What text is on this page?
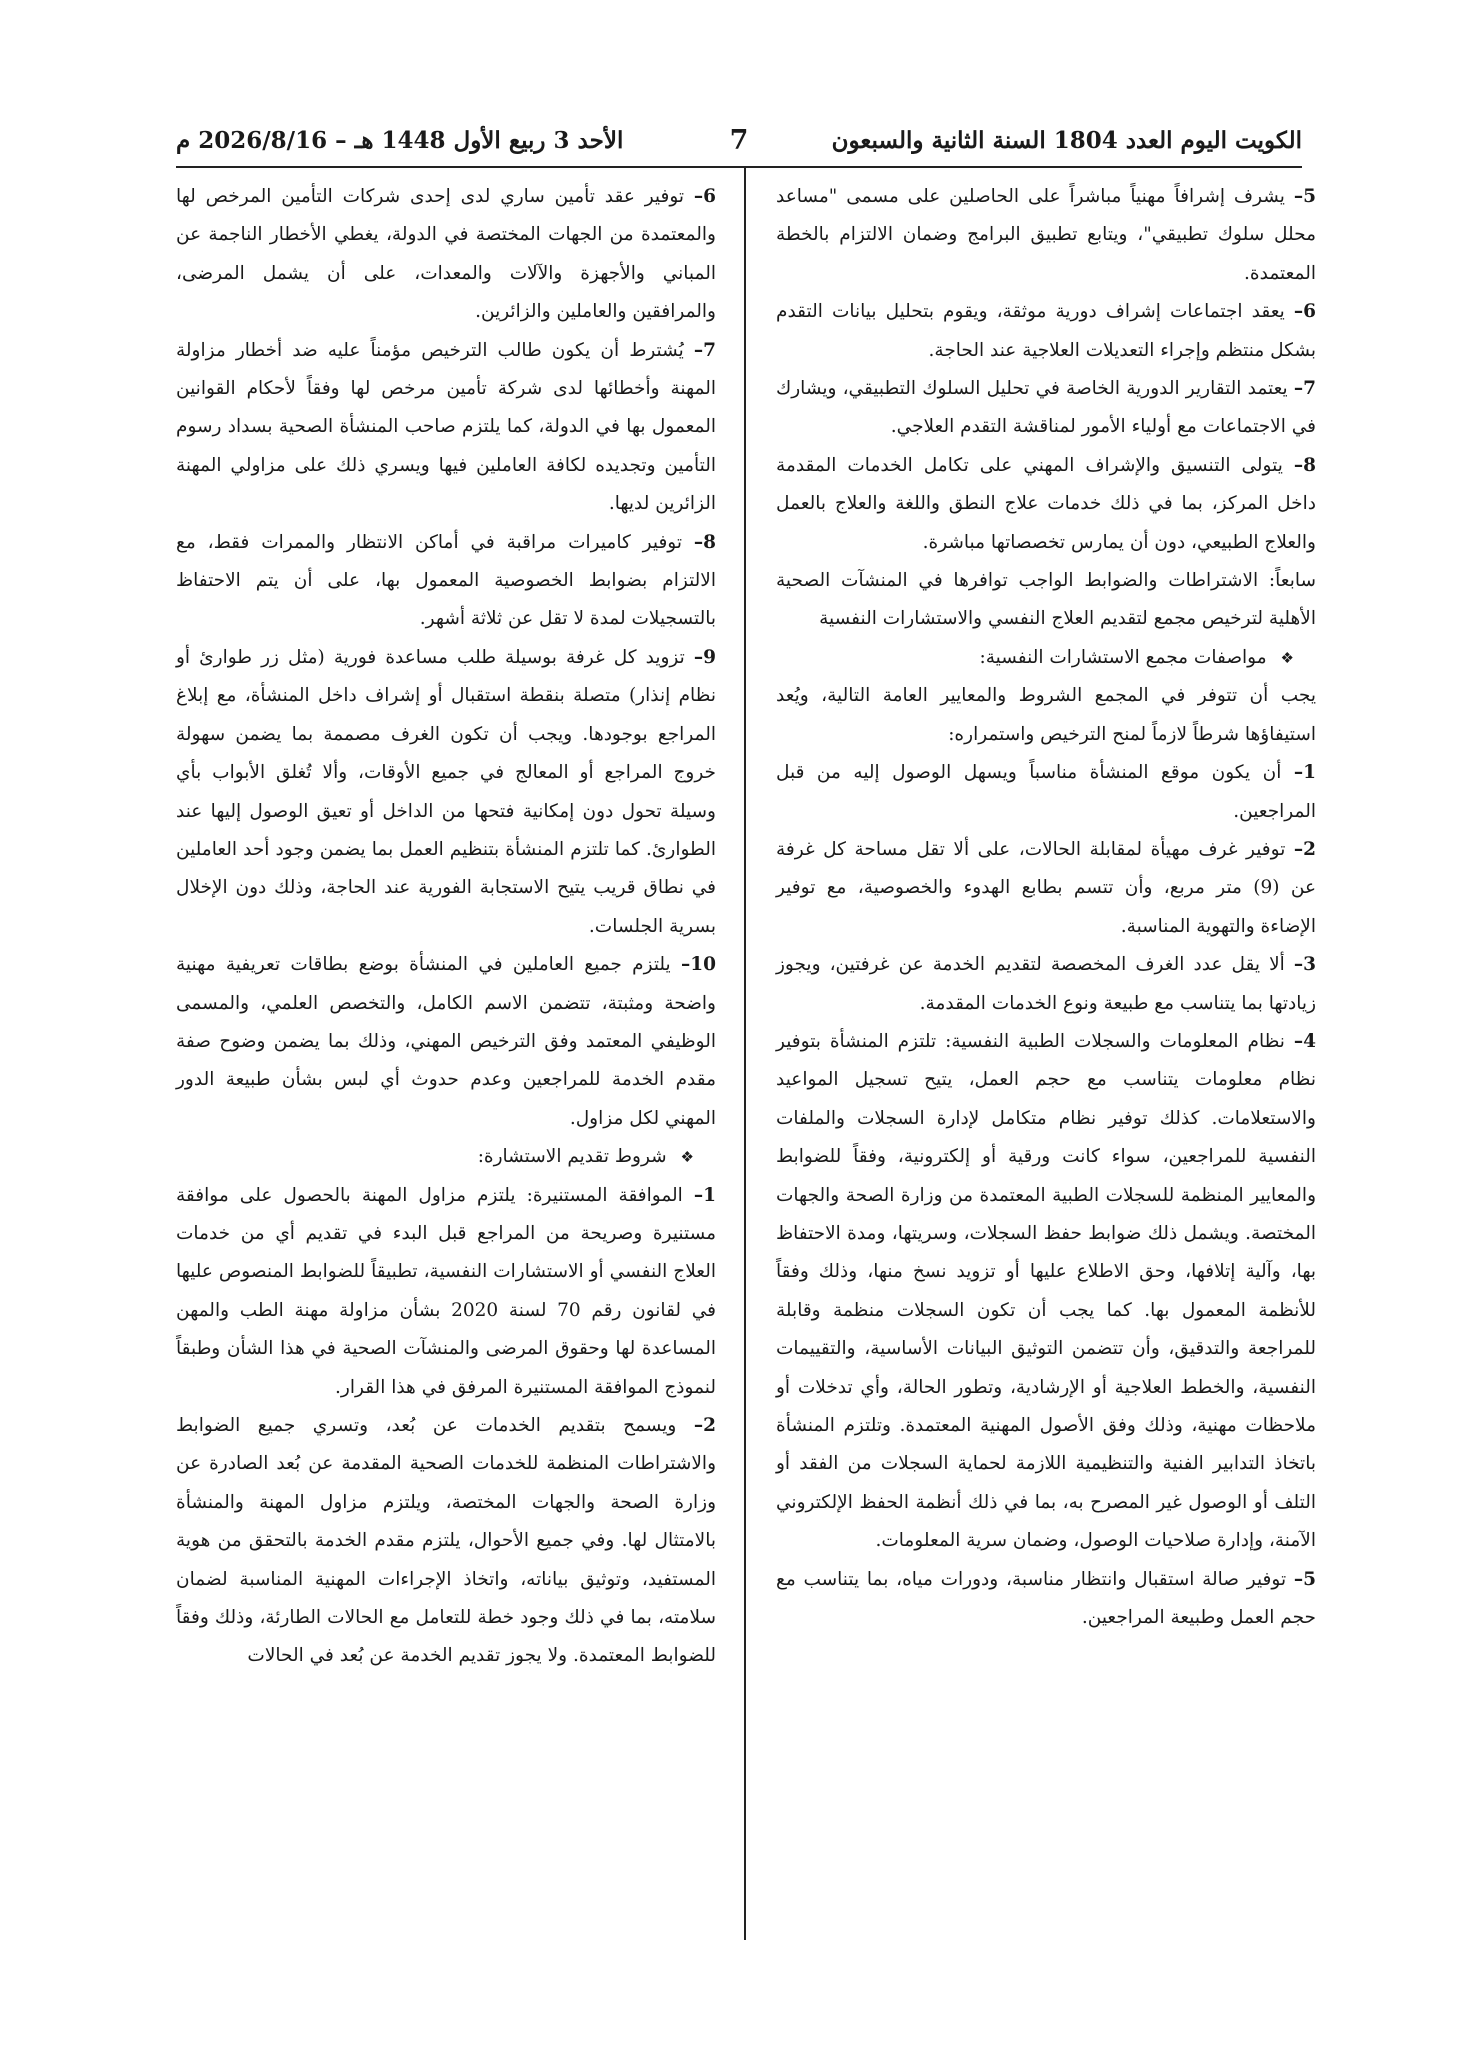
الكويت اليوم العدد 1804 السنة الثانية والسبعون
7
الأحد 3 ربيع الأول 1448 هـ – 2026/8/16 م

5– يشرف إشرافاً مهنياً مباشراً على الحاصلين على مسمى "مساعد محلل سلوك تطبيقي"، ويتابع تطبيق البرامج وضمان الالتزام بالخطة المعتمدة.

6– يعقد اجتماعات إشراف دورية موثقة، ويقوم بتحليل بيانات التقدم بشكل منتظم وإجراء التعديلات العلاجية عند الحاجة.

7– يعتمد التقارير الدورية الخاصة في تحليل السلوك التطبيقي، ويشارك في الاجتماعات مع أولياء الأمور لمناقشة التقدم العلاجي.

8– يتولى التنسيق والإشراف المهني على تكامل الخدمات المقدمة داخل المركز، بما في ذلك خدمات علاج النطق واللغة والعلاج بالعمل والعلاج الطبيعي، دون أن يمارس تخصصاتها مباشرة.

سابعاً: الاشتراطات والضوابط الواجب توافرها في المنشآت الصحية الأهلية لترخيص مجمع لتقديم العلاج النفسي والاستشارات النفسية

❖ مواصفات مجمع الاستشارات النفسية:

يجب أن تتوفر في المجمع الشروط والمعايير العامة التالية، ويُعد استيفاؤها شرطاً لازماً لمنح الترخيص واستمراره:

1– أن يكون موقع المنشأة مناسباً ويسهل الوصول إليه من قبل المراجعين.

2– توفير غرف مهيأة لمقابلة الحالات، على ألا تقل مساحة كل غرفة عن (9) متر مربع، وأن تتسم بطابع الهدوء والخصوصية، مع توفير الإضاءة والتهوية المناسبة.

3– ألا يقل عدد الغرف المخصصة لتقديم الخدمة عن غرفتين، ويجوز زيادتها بما يتناسب مع طبيعة ونوع الخدمات المقدمة.

4– نظام المعلومات والسجلات الطبية النفسية: تلتزم المنشأة بتوفير نظام معلومات يتناسب مع حجم العمل، يتيح تسجيل المواعيد والاستعلامات. كذلك توفير نظام متكامل لإدارة السجلات والملفات النفسية للمراجعين، سواء كانت ورقية أو إلكترونية، وفقاً للضوابط والمعايير المنظمة للسجلات الطبية المعتمدة من وزارة الصحة والجهات المختصة. ويشمل ذلك ضوابط حفظ السجلات، وسريتها، ومدة الاحتفاظ بها، وآلية إتلافها، وحق الاطلاع عليها أو تزويد نسخ منها، وذلك وفقاً للأنظمة المعمول بها. كما يجب أن تكون السجلات منظمة وقابلة للمراجعة والتدقيق، وأن تتضمن التوثيق البيانات الأساسية، والتقييمات النفسية، والخطط العلاجية أو الإرشادية، وتطور الحالة، وأي تدخلات أو ملاحظات مهنية، وذلك وفق الأصول المهنية المعتمدة. وتلتزم المنشأة باتخاذ التدابير الفنية والتنظيمية اللازمة لحماية السجلات من الفقد أو التلف أو الوصول غير المصرح به، بما في ذلك أنظمة الحفظ الإلكتروني الآمنة، وإدارة صلاحيات الوصول، وضمان سرية المعلومات.

5– توفير صالة استقبال وانتظار مناسبة، ودورات مياه، بما يتناسب مع حجم العمل وطبيعة المراجعين.

6– توفير عقد تأمين ساري لدى إحدى شركات التأمين المرخص لها والمعتمدة من الجهات المختصة في الدولة، يغطي الأخطار الناجمة عن المباني والأجهزة والآلات والمعدات، على أن يشمل المرضى، والمرافقين والعاملين والزائرين.

7– يُشترط أن يكون طالب الترخيص مؤمناً عليه ضد أخطار مزاولة المهنة وأخطائها لدى شركة تأمين مرخص لها وفقاً لأحكام القوانين المعمول بها في الدولة، كما يلتزم صاحب المنشأة الصحية بسداد رسوم التأمين وتجديده لكافة العاملين فيها ويسري ذلك على مزاولي المهنة الزائرين لديها.

8– توفير كاميرات مراقبة في أماكن الانتظار والممرات فقط، مع الالتزام بضوابط الخصوصية المعمول بها، على أن يتم الاحتفاظ بالتسجيلات لمدة لا تقل عن ثلاثة أشهر.

9– تزويد كل غرفة بوسيلة طلب مساعدة فورية (مثل زر طوارئ أو نظام إنذار) متصلة بنقطة استقبال أو إشراف داخل المنشأة، مع إبلاغ المراجع بوجودها. ويجب أن تكون الغرف مصممة بما يضمن سهولة خروج المراجع أو المعالج في جميع الأوقات، وألا تُغلق الأبواب بأي وسيلة تحول دون إمكانية فتحها من الداخل أو تعيق الوصول إليها عند الطوارئ. كما تلتزم المنشأة بتنظيم العمل بما يضمن وجود أحد العاملين في نطاق قريب يتيح الاستجابة الفورية عند الحاجة، وذلك دون الإخلال بسرية الجلسات.

10– يلتزم جميع العاملين في المنشأة بوضع بطاقات تعريفية مهنية واضحة ومثبتة، تتضمن الاسم الكامل، والتخصص العلمي، والمسمى الوظيفي المعتمد وفق الترخيص المهني، وذلك بما يضمن وضوح صفة مقدم الخدمة للمراجعين وعدم حدوث أي لبس بشأن طبيعة الدور المهني لكل مزاول.

❖ شروط تقديم الاستشارة:

1– الموافقة المستنيرة: يلتزم مزاول المهنة بالحصول على موافقة مستنيرة وصريحة من المراجع قبل البدء في تقديم أي من خدمات العلاج النفسي أو الاستشارات النفسية، تطبيقاً للضوابط المنصوص عليها في لقانون رقم 70 لسنة 2020 بشأن مزاولة مهنة الطب والمهن المساعدة لها وحقوق المرضى والمنشآت الصحية في هذا الشأن وطبقاً لنموذج الموافقة المستنيرة المرفق في هذا القرار.

2– ويسمح بتقديم الخدمات عن بُعد، وتسري جميع الضوابط والاشتراطات المنظمة للخدمات الصحية المقدمة عن بُعد الصادرة عن وزارة الصحة والجهات المختصة، ويلتزم مزاول المهنة والمنشأة بالامتثال لها. وفي جميع الأحوال، يلتزم مقدم الخدمة بالتحقق من هوية المستفيد، وتوثيق بياناته، واتخاذ الإجراءات المهنية المناسبة لضمان سلامته، بما في ذلك وجود خطة للتعامل مع الحالات الطارئة، وذلك وفقاً للضوابط المعتمدة. ولا يجوز تقديم الخدمة عن بُعد في الحالات
